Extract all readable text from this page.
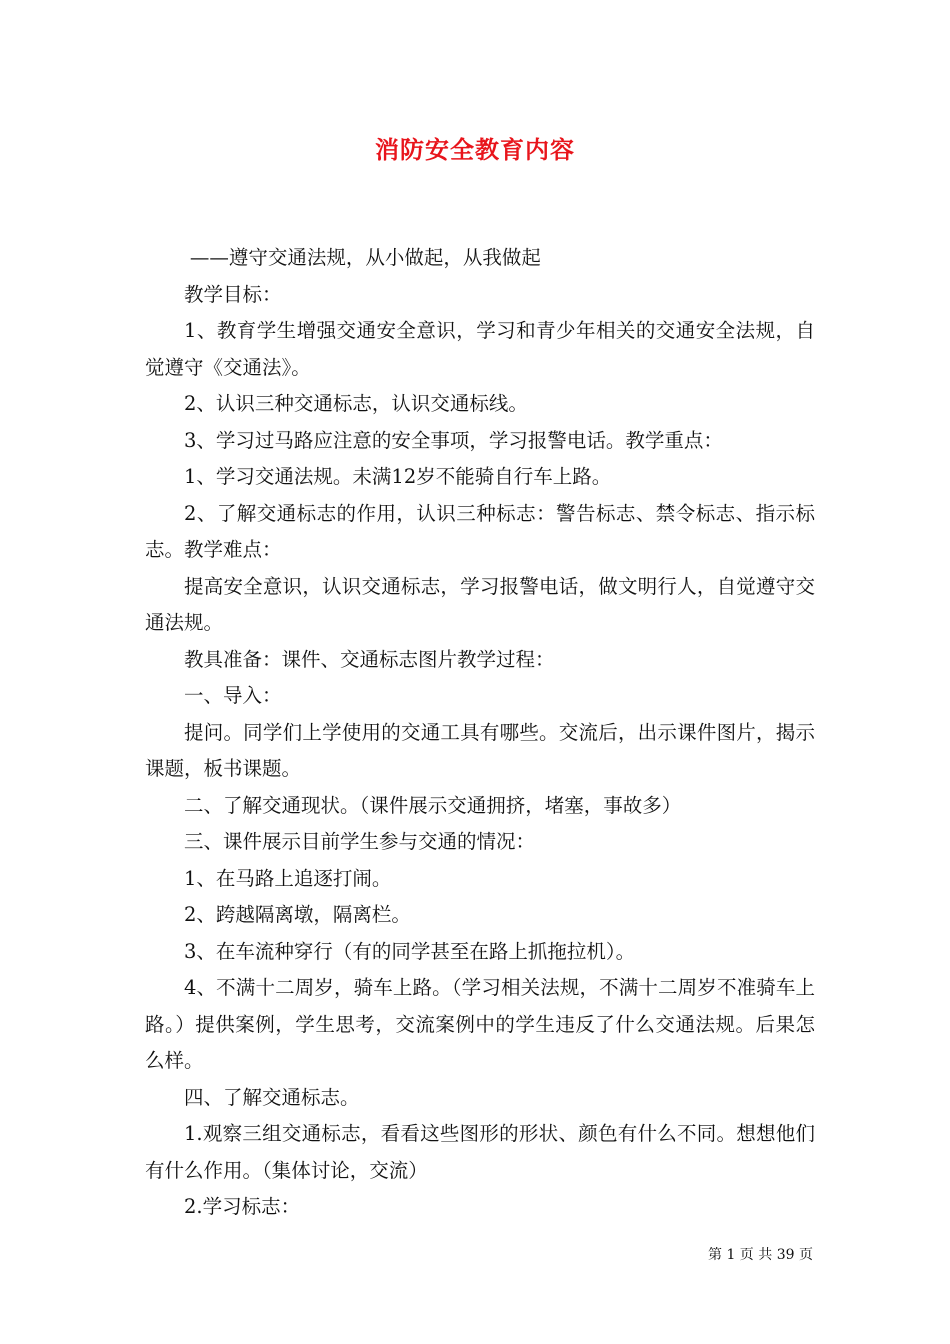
消防安全教育内容

——遵守交通法规，从小做起，从我做起

教学目标：

1、教育学生增强交通安全意识，学习和青少年相关的交通安全法规，自觉遵守《交通法》。

2、认识三种交通标志，认识交通标线。

3、学习过马路应注意的安全事项，学习报警电话。教学重点：

1、学习交通法规。未满12岁不能骑自行车上路。

2、了解交通标志的作用，认识三种标志：警告标志、禁令标志、指示标志。教学难点：

提高安全意识，认识交通标志，学习报警电话，做文明行人，自觉遵守交通法规。

教具准备：课件、交通标志图片教学过程：

一、导入：

提问。同学们上学使用的交通工具有哪些。交流后，出示课件图片，揭示课题，板书课题。

二、了解交通现状。（课件展示交通拥挤，堵塞，事故多）

三、课件展示目前学生参与交通的情况：

1、在马路上追逐打闹。

2、跨越隔离墩，隔离栏。

3、在车流种穿行（有的同学甚至在路上抓拖拉机）。

4、不满十二周岁，骑车上路。（学习相关法规，不满十二周岁不准骑车上路。）提供案例，学生思考，交流案例中的学生违反了什么交通法规。后果怎么样。

四、了解交通标志。

1.观察三组交通标志，看看这些图形的形状、颜色有什么不同。想想他们有什么作用。（集体讨论，交流）

2.学习标志：

第 1 页 共 39 页
